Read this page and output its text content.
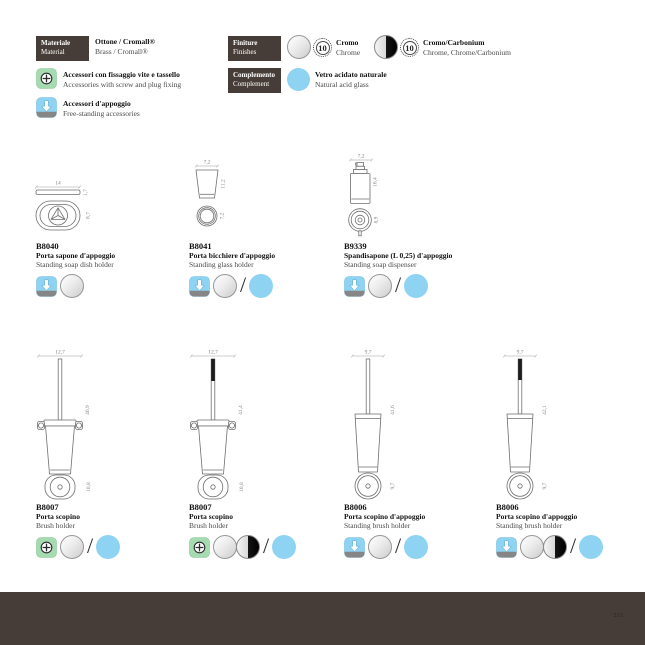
Materiale
Material
Ottone / Cromall®
Brass / Cromall®
Accessori con fissaggio vite e tassello
Accessories with screw and plug fixing
Accessori d'appoggio
Free-standing accessories
Finiture
Finishes	10	Cromo
Chrome	10	Cromo/Carbonium
Chrome, Chrome/Carbonium
Complemento
Complement
Vetro acidato naturale
Natural acid glass
14
1,7
8,7
B8040
Porta sapone d'appoggio
Standing soap dish holder
7,2
11,2
7,2
B8041
Porta bicchiere d'appoggio
Standing glass holder
/
7,2
16,4
8,9
B9339
Spandisapone (L 0,25) d'appoggio
Standing soap dispenser
/
12,7
40,9
10,8
B8007
Porta scopino
Brush holder
/
12,7
41,4
10,8
B8007
Porta scopino
Brush holder
/
9,7
41,6
9,7
B8006
Porta scopino d'appoggio
Standing brush holder
/
9,7
42,1
9,7
B8006
Porta scopino d'appoggio
Standing brush holder
/
233
